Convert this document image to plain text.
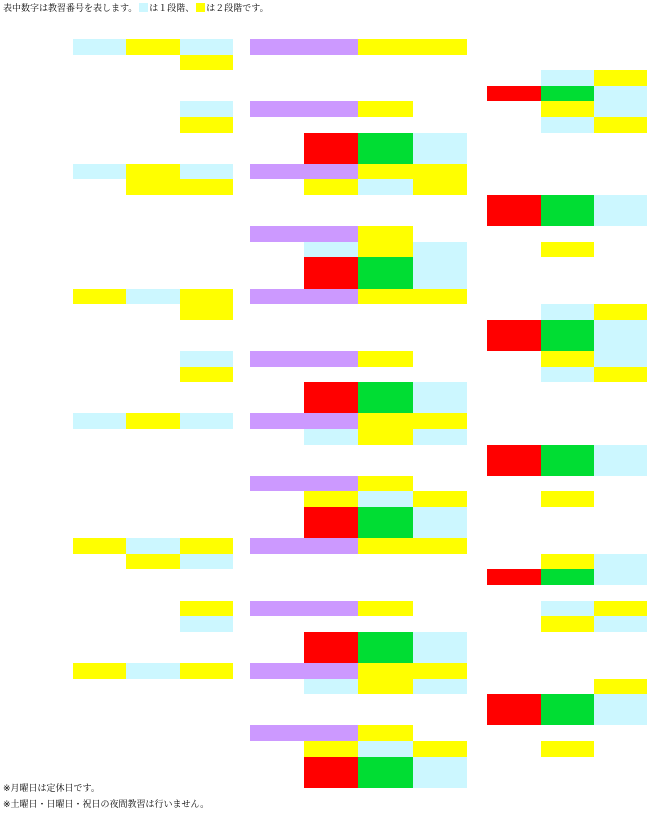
表中数字は教習番号を表します。 は１段階、 は２段階です。
※月曜日は定休日です。
※土曜日・日曜日・祝日の夜間教習は行いません。
